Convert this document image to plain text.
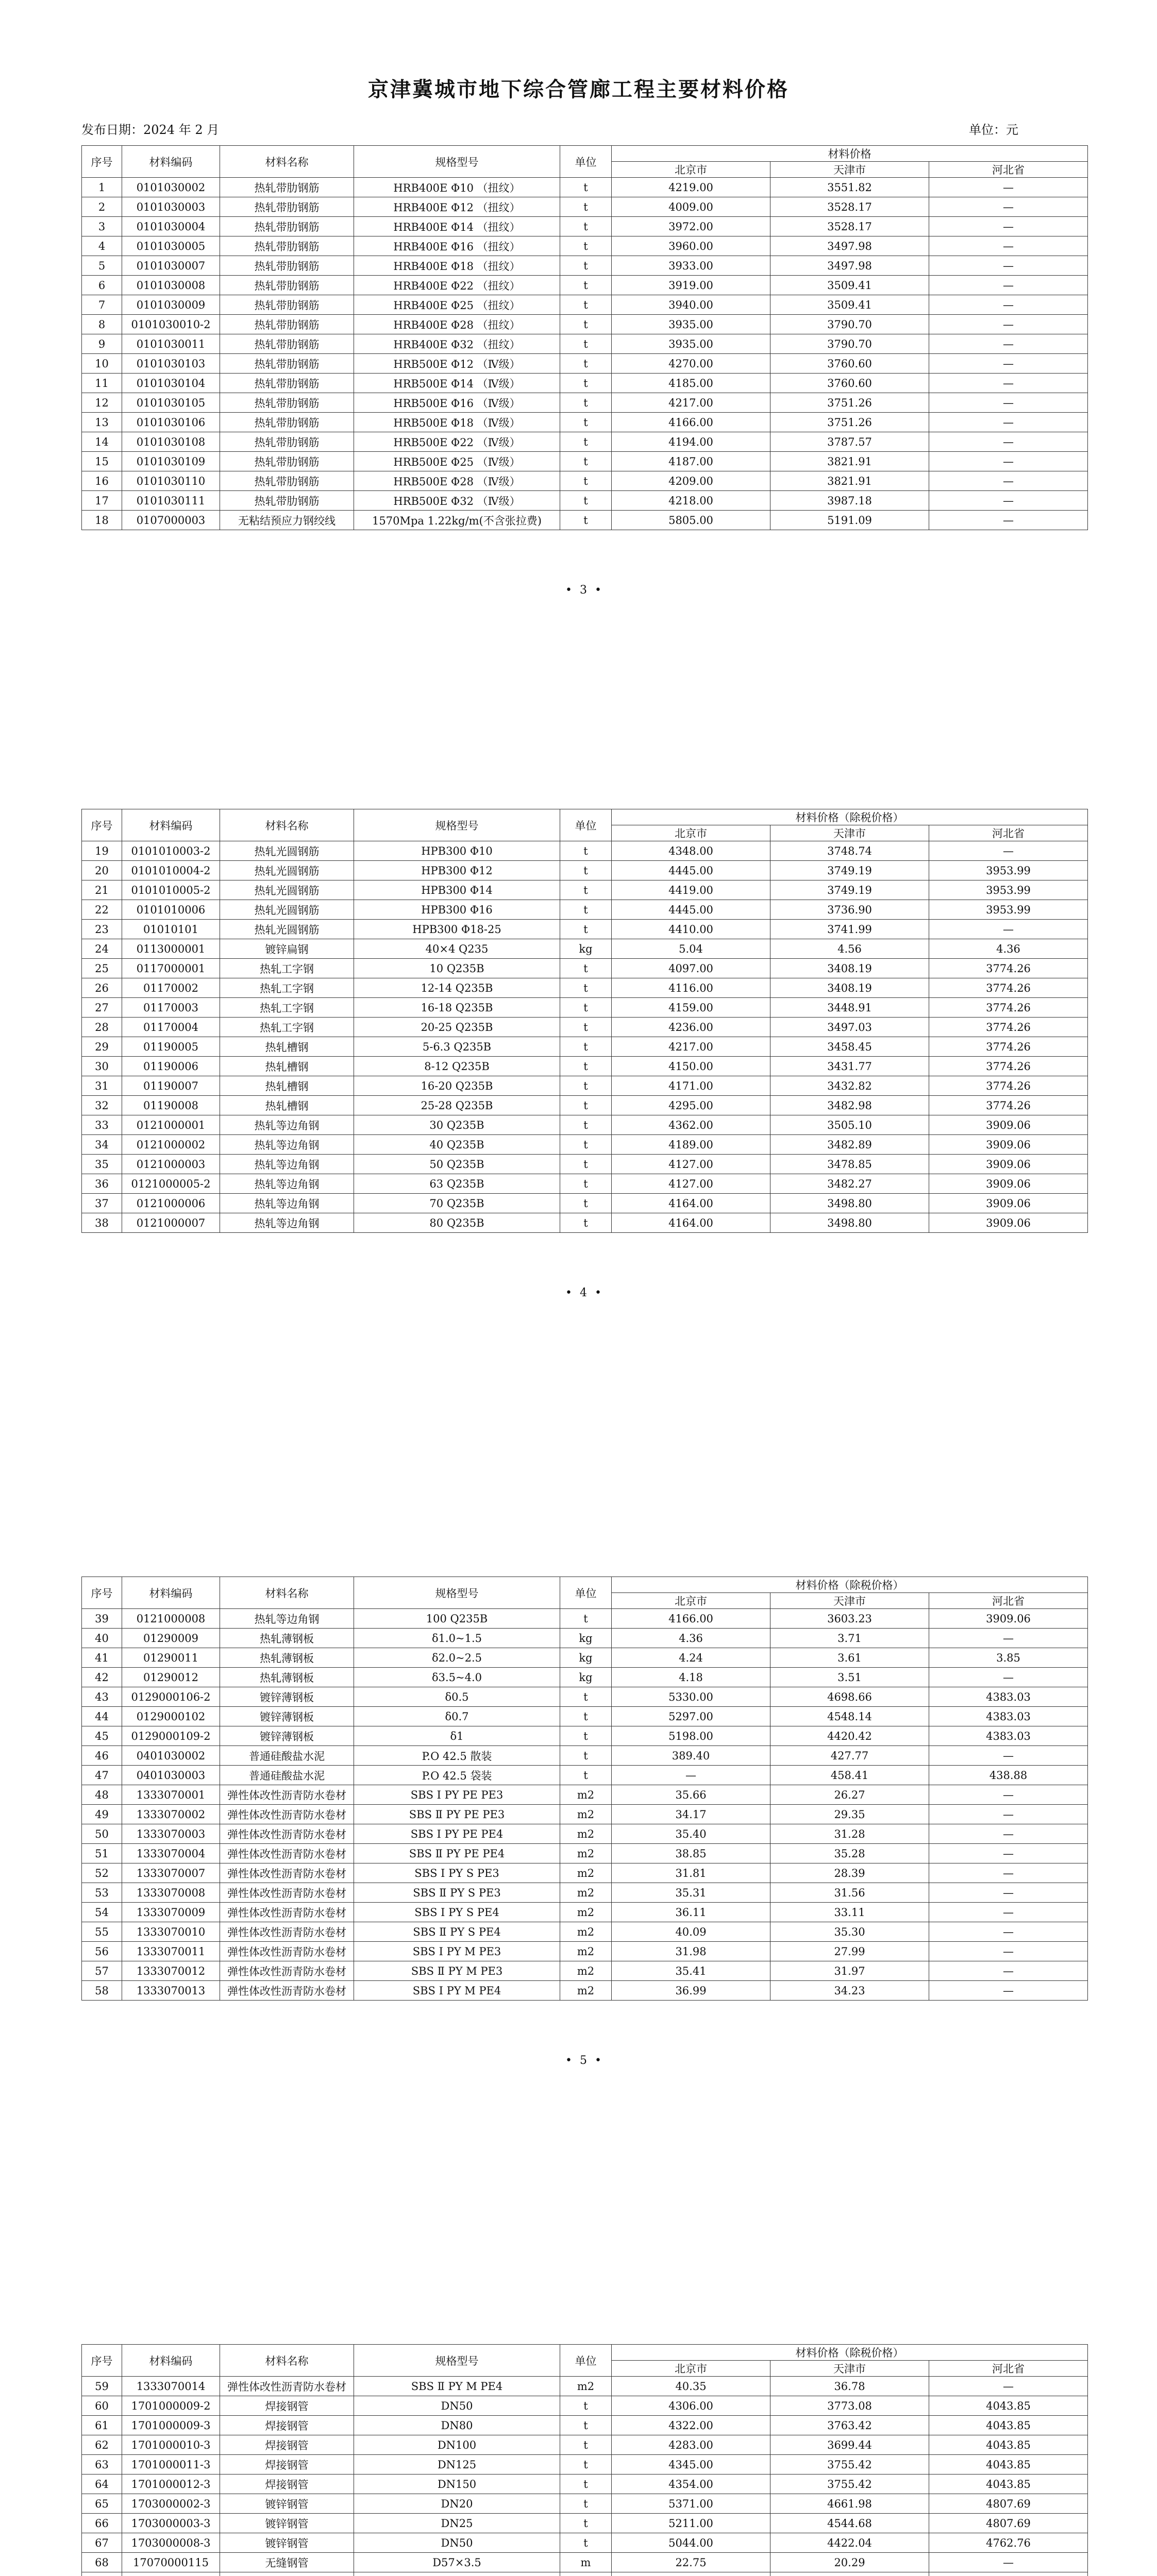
京津冀城市地下综合管廊工程主要材料价格
发布日期：2024 年 2 月	单位：元
序号	材料编码	材料名称	规格型号	单位	材料价格		
					北京市	天津市	河北省
1	0101030002	热轧带肋钢筋	HRB400E Φ10 （扭纹）	t	4219.00	3551.82	—
2	0101030003	热轧带肋钢筋	HRB400E Φ12 （扭纹）	t	4009.00	3528.17	—
3	0101030004	热轧带肋钢筋	HRB400E Φ14 （扭纹）	t	3972.00	3528.17	—
4	0101030005	热轧带肋钢筋	HRB400E Φ16 （扭纹）	t	3960.00	3497.98	—
5	0101030007	热轧带肋钢筋	HRB400E Φ18 （扭纹）	t	3933.00	3497.98	—
6	0101030008	热轧带肋钢筋	HRB400E Φ22 （扭纹）	t	3919.00	3509.41	—
7	0101030009	热轧带肋钢筋	HRB400E Φ25 （扭纹）	t	3940.00	3509.41	—
8	0101030010-2	热轧带肋钢筋	HRB400E Φ28 （扭纹）	t	3935.00	3790.70	—
9	0101030011	热轧带肋钢筋	HRB400E Φ32 （扭纹）	t	3935.00	3790.70	—
10	0101030103	热轧带肋钢筋	HRB500E Φ12 （Ⅳ级）	t	4270.00	3760.60	—
11	0101030104	热轧带肋钢筋	HRB500E Φ14 （Ⅳ级）	t	4185.00	3760.60	—
12	0101030105	热轧带肋钢筋	HRB500E Φ16 （Ⅳ级）	t	4217.00	3751.26	—
13	0101030106	热轧带肋钢筋	HRB500E Φ18 （Ⅳ级）	t	4166.00	3751.26	—
14	0101030108	热轧带肋钢筋	HRB500E Φ22 （Ⅳ级）	t	4194.00	3787.57	—
15	0101030109	热轧带肋钢筋	HRB500E Φ25 （Ⅳ级）	t	4187.00	3821.91	—
16	0101030110	热轧带肋钢筋	HRB500E Φ28 （Ⅳ级）	t	4209.00	3821.91	—
17	0101030111	热轧带肋钢筋	HRB500E Φ32 （Ⅳ级）	t	4218.00	3987.18	—
18	0107000003	无粘结预应力钢绞线	1570Mpa 1.22kg/m(不含张拉费)	t	5805.00	5191.09	—
• 3 •
序号	材料编码	材料名称	规格型号	单位	材料价格（除税价格）		
					北京市	天津市	河北省
19	0101010003-2	热轧光圆钢筋	HPB300 Φ10	t	4348.00	3748.74	—
20	0101010004-2	热轧光圆钢筋	HPB300 Φ12	t	4445.00	3749.19	3953.99
21	0101010005-2	热轧光圆钢筋	HPB300 Φ14	t	4419.00	3749.19	3953.99
22	0101010006	热轧光圆钢筋	HPB300 Φ16	t	4445.00	3736.90	3953.99
23	01010101	热轧光圆钢筋	HPB300 Φ18-25	t	4410.00	3741.99	—
24	0113000001	镀锌扁钢	40×4 Q235	kg	5.04	4.56	4.36
25	0117000001	热轧工字钢	10 Q235B	t	4097.00	3408.19	3774.26
26	01170002	热轧工字钢	12-14 Q235B	t	4116.00	3408.19	3774.26
27	01170003	热轧工字钢	16-18 Q235B	t	4159.00	3448.91	3774.26
28	01170004	热轧工字钢	20-25 Q235B	t	4236.00	3497.03	3774.26
29	01190005	热轧槽钢	5-6.3 Q235B	t	4217.00	3458.45	3774.26
30	01190006	热轧槽钢	8-12 Q235B	t	4150.00	3431.77	3774.26
31	01190007	热轧槽钢	16-20 Q235B	t	4171.00	3432.82	3774.26
32	01190008	热轧槽钢	25-28 Q235B	t	4295.00	3482.98	3774.26
33	0121000001	热轧等边角钢	30 Q235B	t	4362.00	3505.10	3909.06
34	0121000002	热轧等边角钢	40 Q235B	t	4189.00	3482.89	3909.06
35	0121000003	热轧等边角钢	50 Q235B	t	4127.00	3478.85	3909.06
36	0121000005-2	热轧等边角钢	63 Q235B	t	4127.00	3482.27	3909.06
37	0121000006	热轧等边角钢	70 Q235B	t	4164.00	3498.80	3909.06
38	0121000007	热轧等边角钢	80 Q235B	t	4164.00	3498.80	3909.06
• 4 •
序号	材料编码	材料名称	规格型号	单位	材料价格（除税价格）		
					北京市	天津市	河北省
39	0121000008	热轧等边角钢	100 Q235B	t	4166.00	3603.23	3909.06
40	01290009	热轧薄钢板	δ1.0~1.5	kg	4.36	3.71	—
41	01290011	热轧薄钢板	δ2.0~2.5	kg	4.24	3.61	3.85
42	01290012	热轧薄钢板	δ3.5~4.0	kg	4.18	3.51	—
43	0129000106-2	镀锌薄钢板	δ0.5	t	5330.00	4698.66	4383.03
44	0129000102	镀锌薄钢板	δ0.7	t	5297.00	4548.14	4383.03
45	0129000109-2	镀锌薄钢板	δ1	t	5198.00	4420.42	4383.03
46	0401030002	普通硅酸盐水泥	P.O 42.5 散装	t	389.40	427.77	—
47	0401030003	普通硅酸盐水泥	P.O 42.5 袋装	t	—	458.41	438.88
48	1333070001	弹性体改性沥青防水卷材	SBS Ⅰ PY PE PE3	m2	35.66	26.27	—
49	1333070002	弹性体改性沥青防水卷材	SBS Ⅱ PY PE PE3	m2	34.17	29.35	—
50	1333070003	弹性体改性沥青防水卷材	SBS Ⅰ PY PE PE4	m2	35.40	31.28	—
51	1333070004	弹性体改性沥青防水卷材	SBS Ⅱ PY PE PE4	m2	38.85	35.28	—
52	1333070007	弹性体改性沥青防水卷材	SBS Ⅰ PY S PE3	m2	31.81	28.39	—
53	1333070008	弹性体改性沥青防水卷材	SBS Ⅱ PY S PE3	m2	35.31	31.56	—
54	1333070009	弹性体改性沥青防水卷材	SBS Ⅰ PY S PE4	m2	36.11	33.11	—
55	1333070010	弹性体改性沥青防水卷材	SBS Ⅱ PY S PE4	m2	40.09	35.30	—
56	1333070011	弹性体改性沥青防水卷材	SBS Ⅰ PY M PE3	m2	31.98	27.99	—
57	1333070012	弹性体改性沥青防水卷材	SBS Ⅱ PY M PE3	m2	35.41	31.97	—
58	1333070013	弹性体改性沥青防水卷材	SBS Ⅰ PY M PE4	m2	36.99	34.23	—
• 5 •
序号	材料编码	材料名称	规格型号	单位	材料价格（除税价格）		
					北京市	天津市	河北省
59	1333070014	弹性体改性沥青防水卷材	SBS Ⅱ PY M PE4	m2	40.35	36.78	—
60	1701000009-2	焊接钢管	DN50	t	4306.00	3773.08	4043.85
61	1701000009-3	焊接钢管	DN80	t	4322.00	3763.42	4043.85
62	1701000010-3	焊接钢管	DN100	t	4283.00	3699.44	4043.85
63	1701000011-3	焊接钢管	DN125	t	4345.00	3755.42	4043.85
64	1701000012-3	焊接钢管	DN150	t	4354.00	3755.42	4043.85
65	1703000002-3	镀锌钢管	DN20	t	5371.00	4661.98	4807.69
66	1703000003-3	镀锌钢管	DN25	t	5211.00	4544.68	4807.69
67	1703000008-3	镀锌钢管	DN50	t	5044.00	4422.04	4762.76
68	17070000115	无缝钢管	D57×3.5	m	22.75	20.29	—
